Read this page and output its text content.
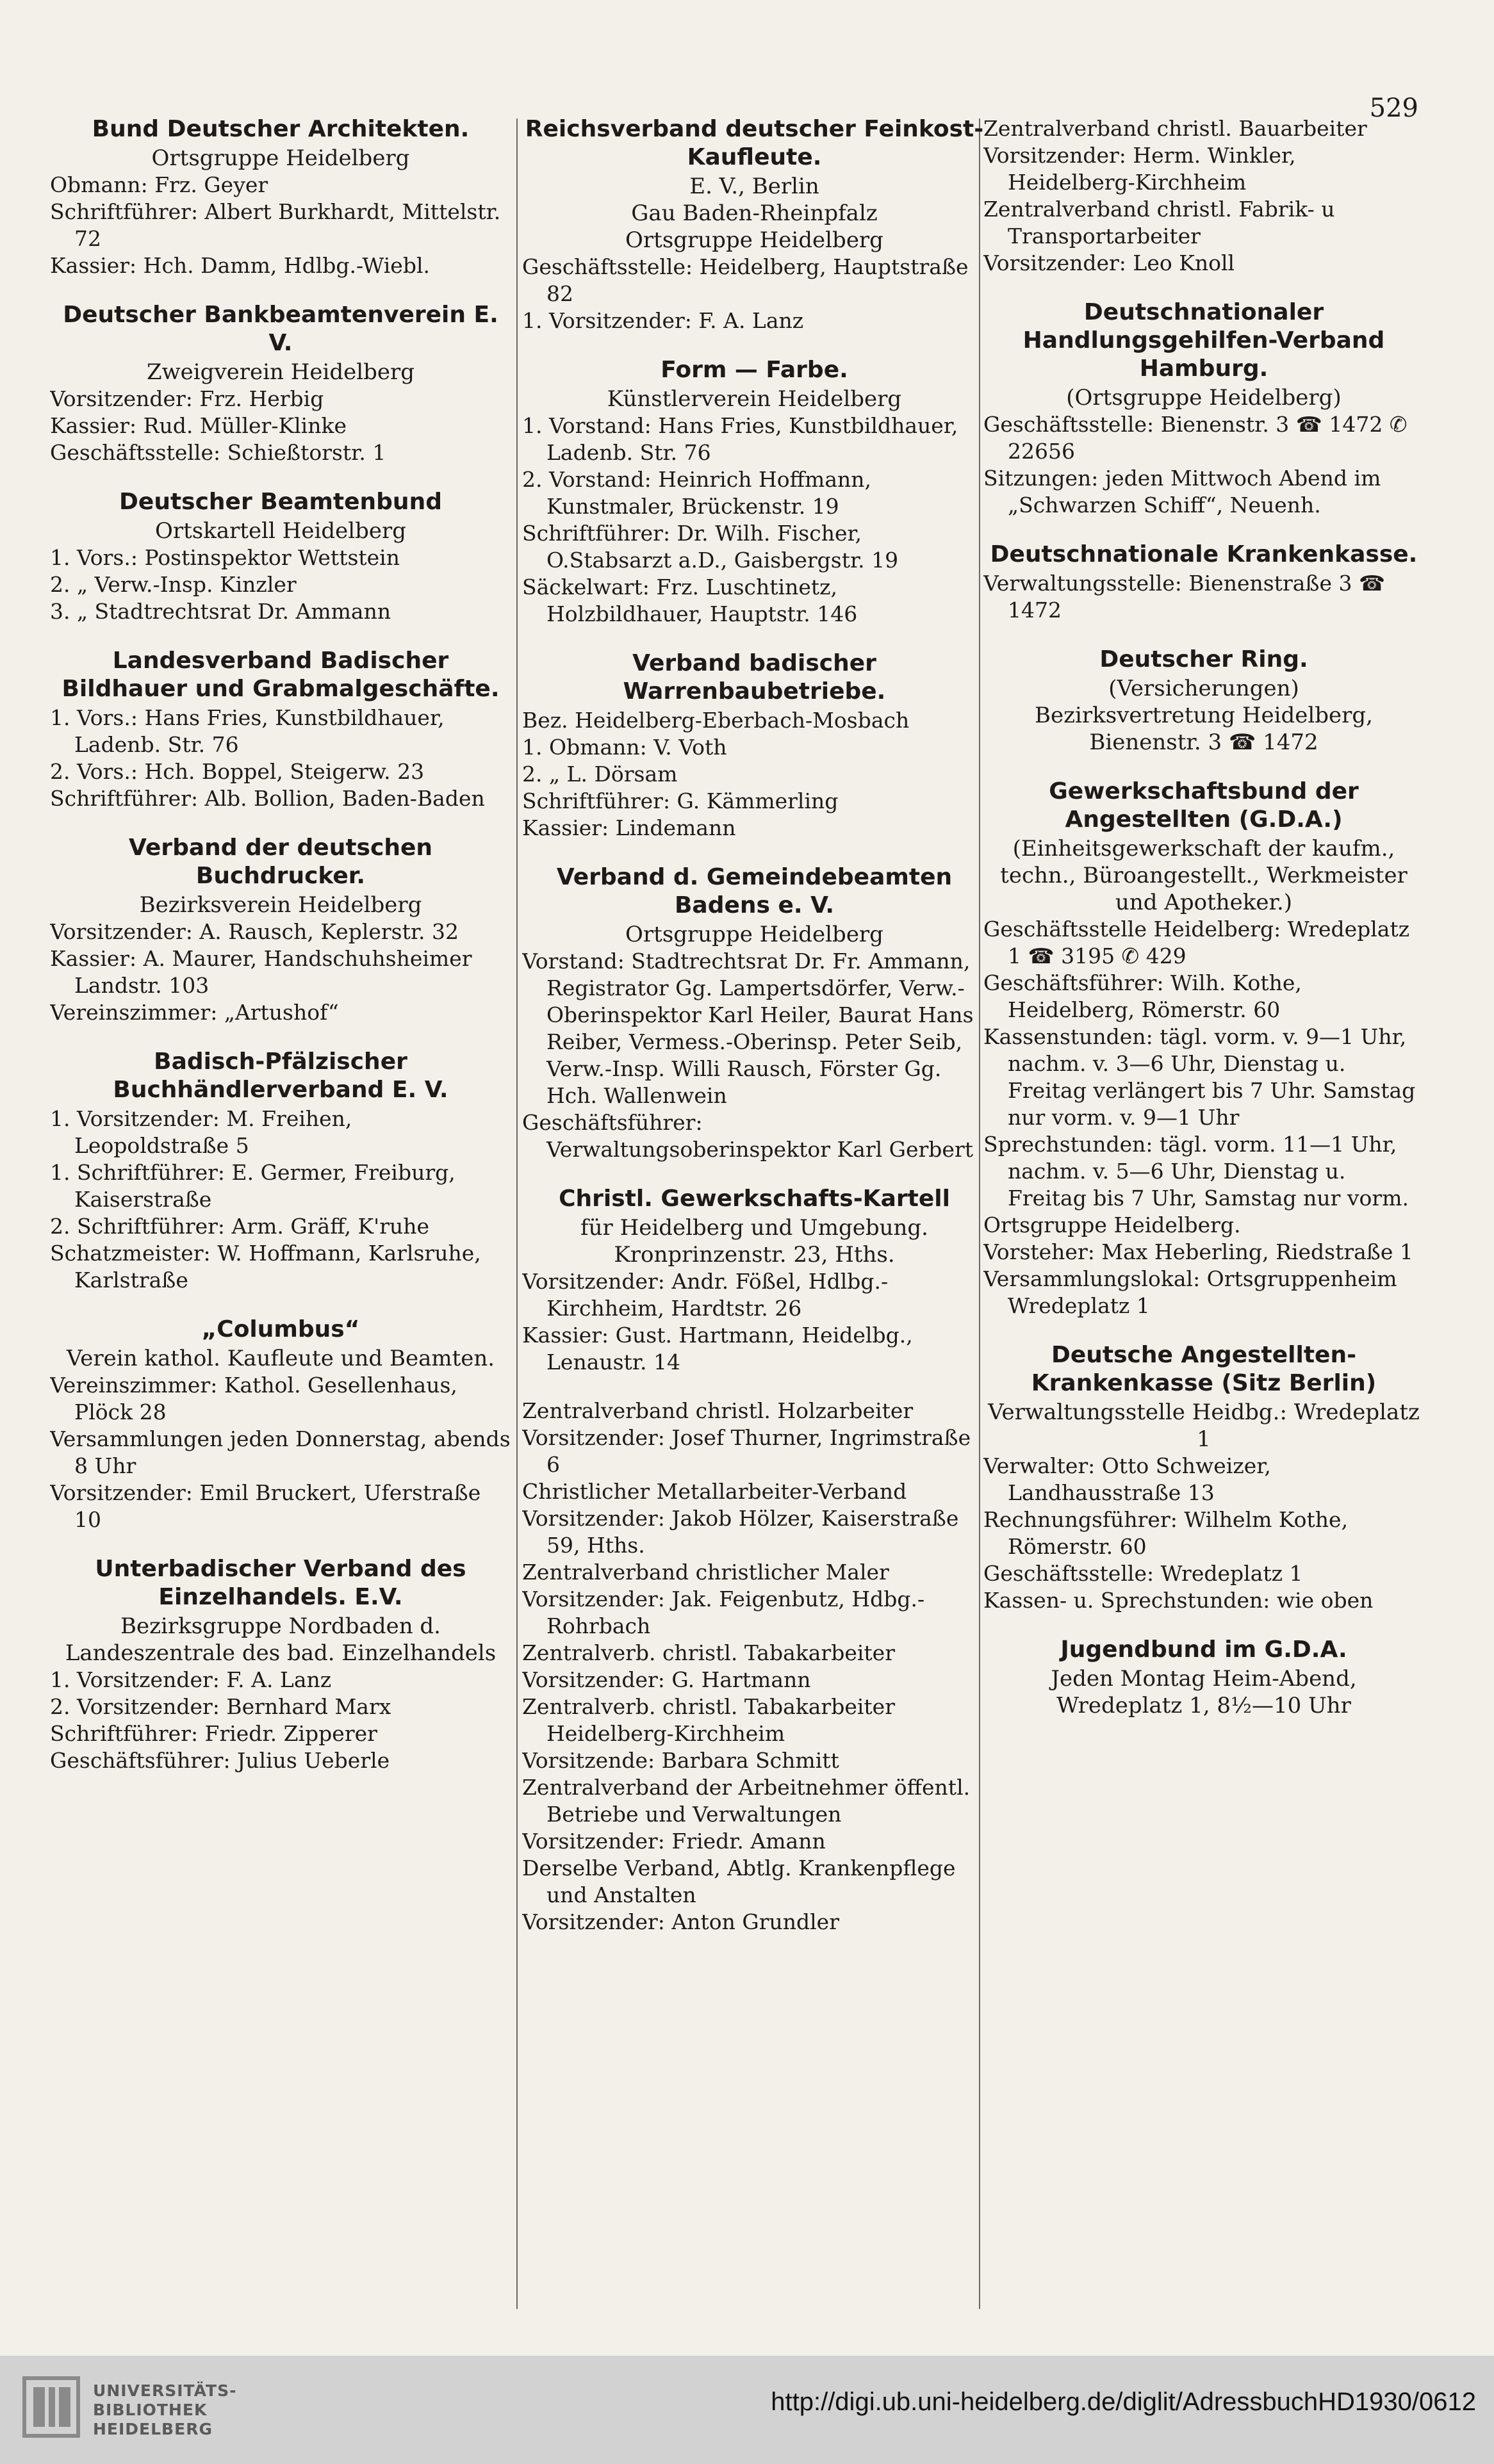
529
Bund Deutscher Architekten.
Ortsgruppe Heidelberg
Obmann: Frz. Geyer
Schriftführer: Albert Burkhardt, Mittelstr. 72
Kassier: Hch. Damm, Hdlbg.-Wiebl.
Deutscher Bankbeamtenverein E. V.
Zweigverein Heidelberg
Vorsitzender: Frz. Herbig
Kassier: Rud. Müller-Klinke
Geschäftsstelle: Schießtorstr. 1
Deutscher Beamtenbund
Ortskartell Heidelberg
1. Vors.: Postinspektor Wettstein
2. „ Verw.-Insp. Kinzler
3. „ Stadtrechtsrat Dr. Ammann
Landesverband Badischer Bildhauer und Grabmalgeschäfte.
1. Vors.: Hans Fries, Kunstbildhauer, Ladenb. Str. 76
2. Vors.: Hch. Boppel, Steigerw. 23
Schriftführer: Alb. Bollion, Baden-Baden
Verband der deutschen Buchdrucker.
Bezirksverein Heidelberg
Vorsitzender: A. Rausch, Keplerstr. 32
Kassier: A. Maurer, Handschuhsheimer Landstr. 103
Vereinszimmer: „Artushof“
Badisch-Pfälzischer Buchhändlerverband E. V.
1. Vorsitzender: M. Freihen, Leopoldstraße 5
1. Schriftführer: E. Germer, Freiburg, Kaiserstraße
2. Schriftführer: Arm. Gräff, K'ruhe
Schatzmeister: W. Hoffmann, Karlsruhe, Karlstraße
„Columbus“
Verein kathol. Kaufleute und Beamten.
Vereinszimmer: Kathol. Gesellenhaus, Plöck 28
Versammlungen jeden Donnerstag, abends 8 Uhr
Vorsitzender: Emil Bruckert, Uferstraße 10
Unterbadischer Verband des Einzelhandels. E.V.
Bezirksgruppe Nordbaden d. Landeszentrale des bad. Einzelhandels
1. Vorsitzender: F. A. Lanz
2. Vorsitzender: Bernhard Marx
Schriftführer: Friedr. Zipperer
Geschäftsführer: Julius Ueberle
Reichsverband deutscher Feinkost-Kaufleute.
E. V., Berlin
Gau Baden-Rheinpfalz
Ortsgruppe Heidelberg
Geschäftsstelle: Heidelberg, Hauptstraße 82
1. Vorsitzender: F. A. Lanz
Form — Farbe.
Künstlerverein Heidelberg
1. Vorstand: Hans Fries, Kunstbildhauer, Ladenb. Str. 76
2. Vorstand: Heinrich Hoffmann, Kunstmaler, Brückenstr. 19
Schriftführer: Dr. Wilh. Fischer, O.Stabsarzt a.D., Gaisbergstr. 19
Säckelwart: Frz. Luschtinetz, Holzbildhauer, Hauptstr. 146
Verband badischer Warrenbaubetriebe.
Bez. Heidelberg-Eberbach-Mosbach
1. Obmann: V. Voth
2. „ L. Dörsam
Schriftführer: G. Kämmerling
Kassier: Lindemann
Verband d. Gemeindebeamten Badens e. V.
Ortsgruppe Heidelberg
Vorstand: Stadtrechtsrat Dr. Fr. Ammann, Registrator Gg. Lampertsdörfer, Verw.-Oberinspektor Karl Heiler, Baurat Hans Reiber, Vermess.-Oberinsp. Peter Seib, Verw.-Insp. Willi Rausch, Förster Gg. Hch. Wallenwein
Geschäftsführer: Verwaltungsoberinspektor Karl Gerbert
Christl. Gewerkschafts-Kartell
für Heidelberg und Umgebung.
Kronprinzenstr. 23, Hths.
Vorsitzender: Andr. Fößel, Hdlbg.-Kirchheim, Hardtstr. 26
Kassier: Gust. Hartmann, Heidelbg., Lenaustr. 14
Zentralverband christl. Holzarbeiter
Vorsitzender: Josef Thurner, Ingrimstraße 6
Christlicher Metallarbeiter-Verband
Vorsitzender: Jakob Hölzer, Kaiserstraße 59, Hths.
Zentralverband christlicher Maler
Vorsitzender: Jak. Feigenbutz, Hdbg.-Rohrbach
Zentralverb. christl. Tabakarbeiter
Vorsitzender: G. Hartmann
Zentralverb. christl. Tabakarbeiter Heidelberg-Kirchheim
Vorsitzende: Barbara Schmitt
Zentralverband der Arbeitnehmer öffentl. Betriebe und Verwaltungen
Vorsitzender: Friedr. Amann
Derselbe Verband, Abtlg. Krankenpflege und Anstalten
Vorsitzender: Anton Grundler
Zentralverband christl. Bauarbeiter
Vorsitzender: Herm. Winkler, Heidelberg-Kirchheim
Zentralverband christl. Fabrik- u Transportarbeiter
Vorsitzender: Leo Knoll
Deutschnationaler Handlungsgehilfen-Verband Hamburg.
(Ortsgruppe Heidelberg)
Geschäftsstelle: Bienenstr. 3 ☎ 1472 ✆ 22656
Sitzungen: jeden Mittwoch Abend im „Schwarzen Schiff“, Neuenh.
Deutschnationale Krankenkasse.
Verwaltungsstelle: Bienenstraße 3 ☎ 1472
Deutscher Ring.
(Versicherungen)
Bezirksvertretung Heidelberg,
Bienenstr. 3 ☎ 1472
Gewerkschaftsbund der Angestellten (G.D.A.)
(Einheitsgewerkschaft der kaufm., techn., Büroangestellt., Werkmeister und Apotheker.)
Geschäftsstelle Heidelberg: Wredeplatz 1 ☎ 3195 ✆ 429
Geschäftsführer: Wilh. Kothe, Heidelberg, Römerstr. 60
Kassenstunden: tägl. vorm. v. 9—1 Uhr, nachm. v. 3—6 Uhr, Dienstag u. Freitag verlängert bis 7 Uhr. Samstag nur vorm. v. 9—1 Uhr
Sprechstunden: tägl. vorm. 11—1 Uhr, nachm. v. 5—6 Uhr, Dienstag u. Freitag bis 7 Uhr, Samstag nur vorm.
Ortsgruppe Heidelberg.
Vorsteher: Max Heberling, Riedstraße 1
Versammlungslokal: Ortsgruppenheim Wredeplatz 1
Deutsche Angestellten-Krankenkasse (Sitz Berlin)
Verwaltungsstelle Heidbg.: Wredeplatz 1
Verwalter: Otto Schweizer, Landhausstraße 13
Rechnungsführer: Wilhelm Kothe, Römerstr. 60
Geschäftsstelle: Wredeplatz 1
Kassen- u. Sprechstunden: wie oben
Jugendbund im G.D.A.
Jeden Montag Heim-Abend,
Wredeplatz 1, 8½—10 Uhr
UNIVERSITÄTS-
BIBLIOTHEK
HEIDELBERG
http://digi.ub.uni-heidelberg.de/diglit/AdressbuchHD1930/0612
